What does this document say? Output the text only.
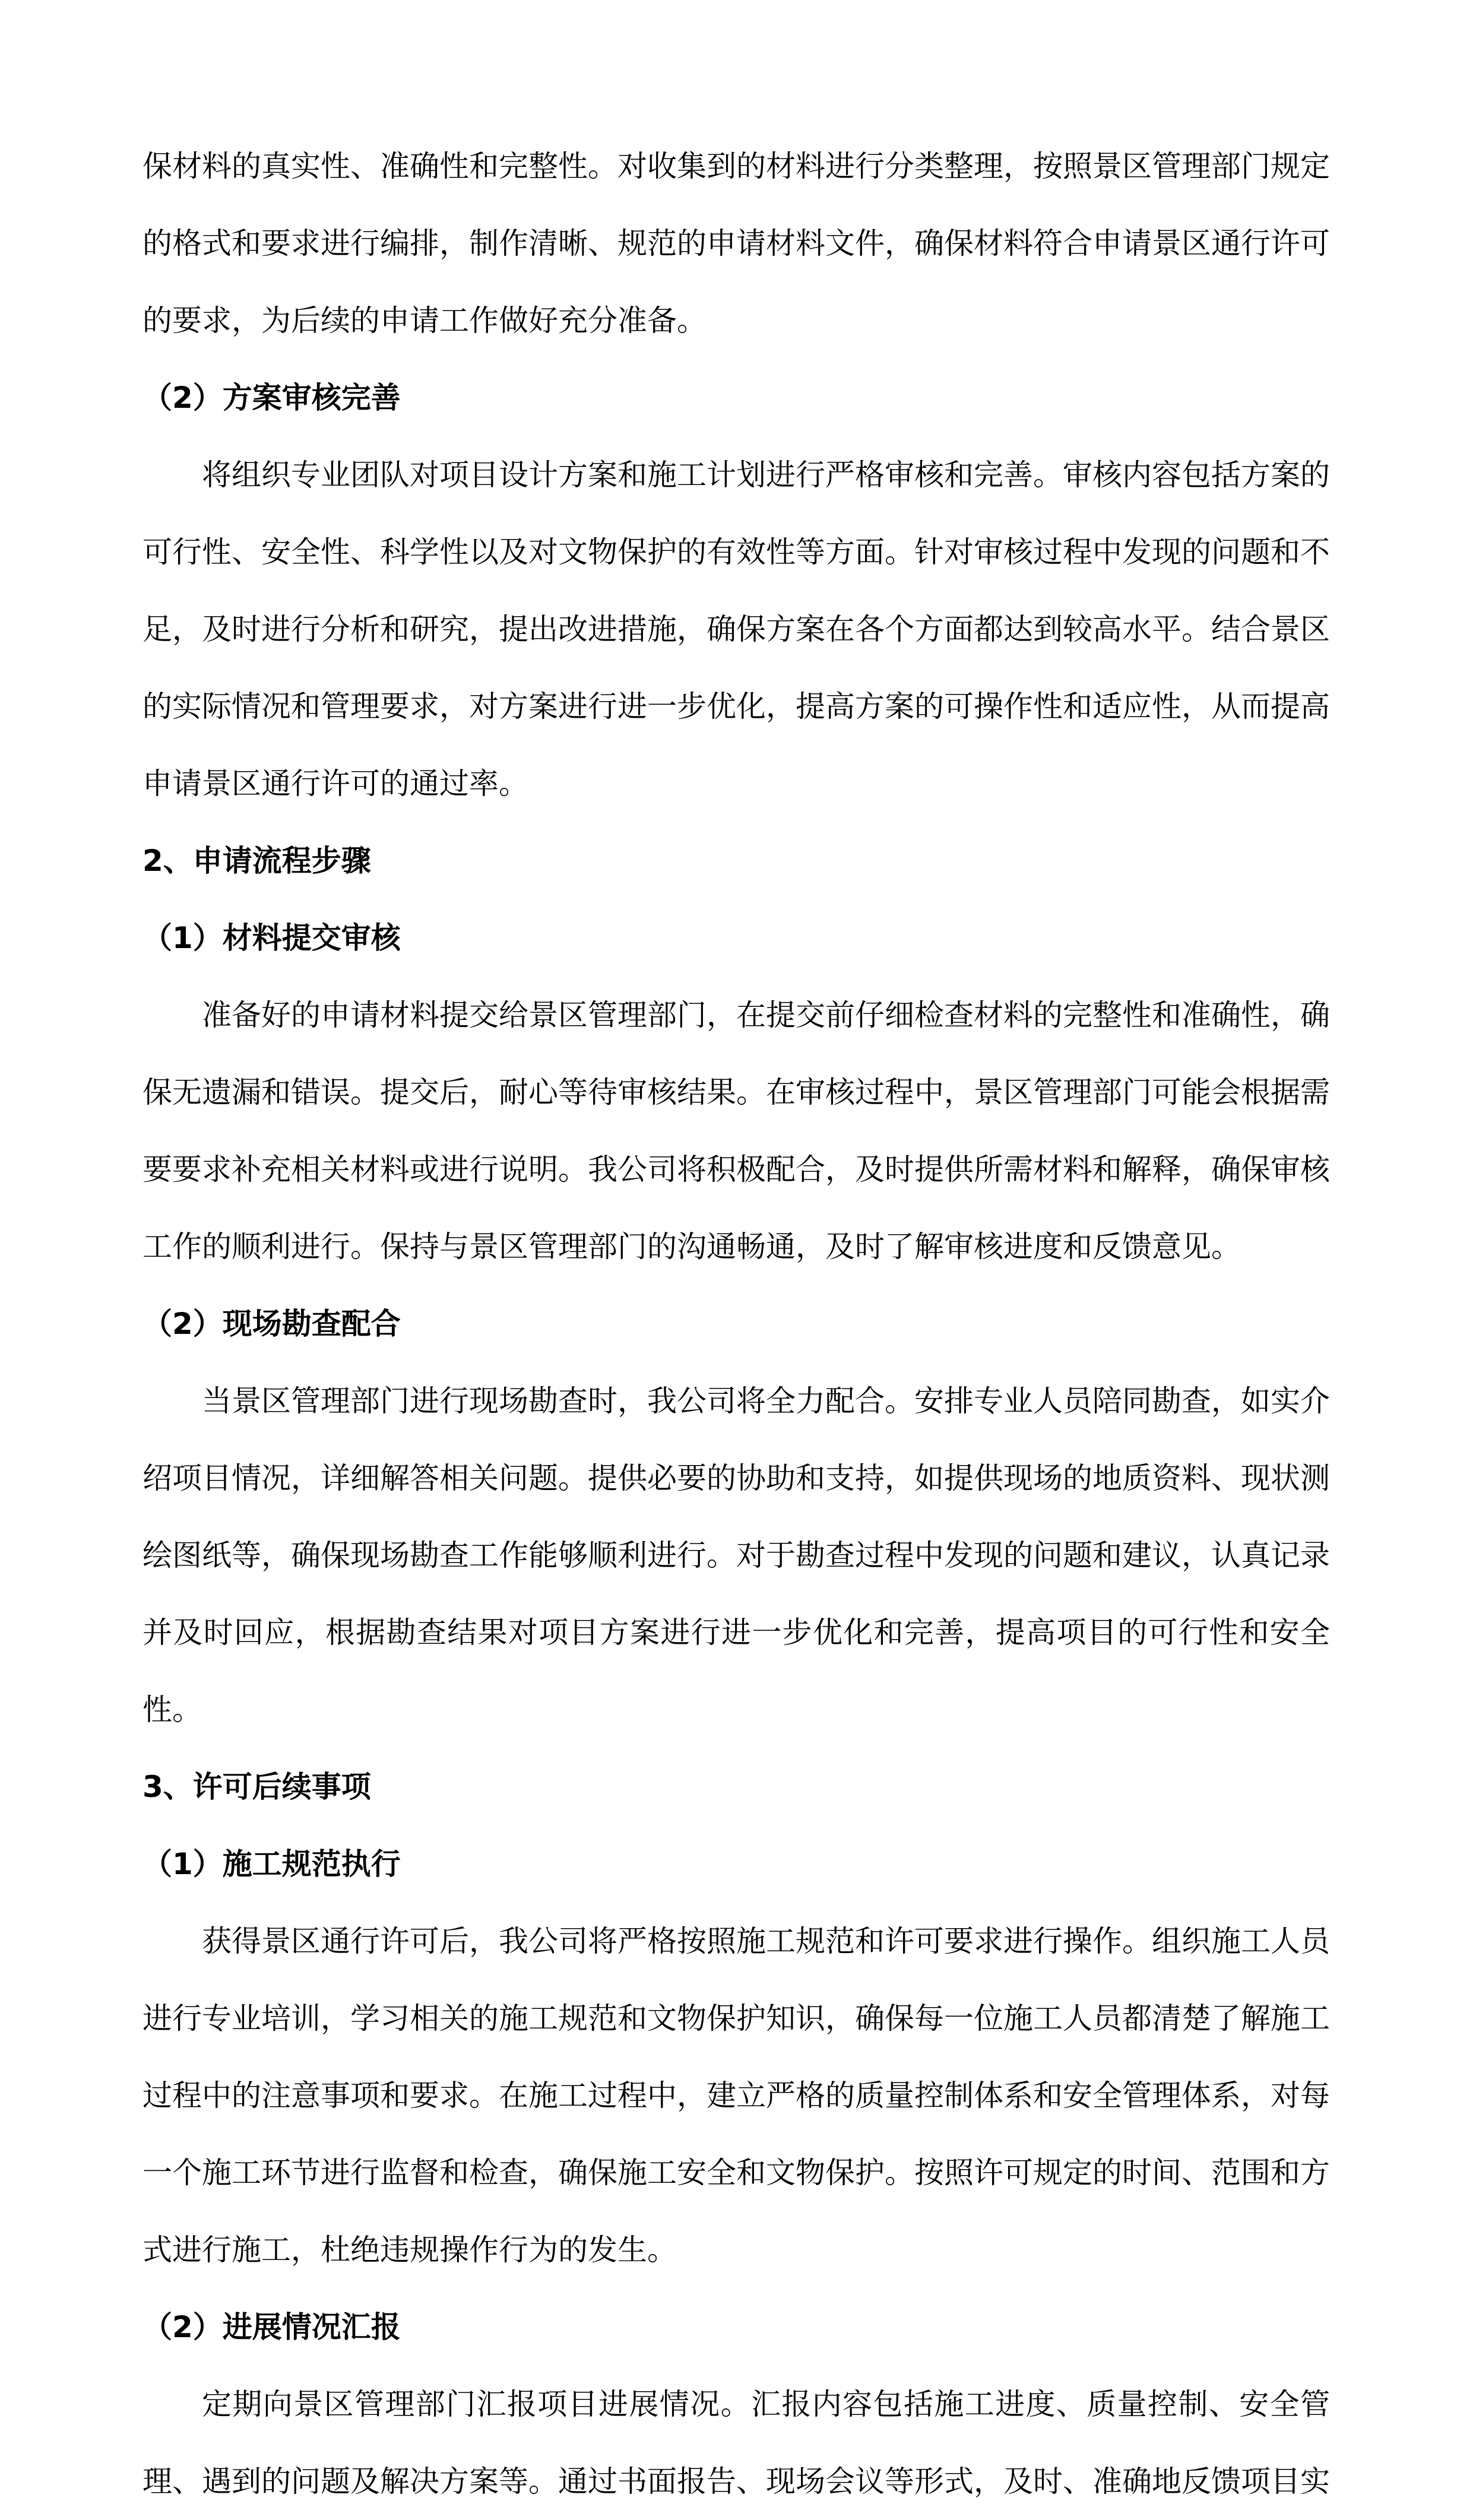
保材料的真实性、准确性和完整性。对收集到的材料进行分类整理，按照景区管理部门规定

的格式和要求进行编排，制作清晰、规范的申请材料文件，确保材料符合申请景区通行许可

的要求，为后续的申请工作做好充分准备。

（2）方案审核完善

将组织专业团队对项目设计方案和施工计划进行严格审核和完善。审核内容包括方案的

可行性、安全性、科学性以及对文物保护的有效性等方面。针对审核过程中发现的问题和不

足，及时进行分析和研究，提出改进措施，确保方案在各个方面都达到较高水平。结合景区

的实际情况和管理要求，对方案进行进一步优化，提高方案的可操作性和适应性，从而提高

申请景区通行许可的通过率。

2、申请流程步骤

（1）材料提交审核

准备好的申请材料提交给景区管理部门，在提交前仔细检查材料的完整性和准确性，确

保无遗漏和错误。提交后，耐心等待审核结果。在审核过程中，景区管理部门可能会根据需

要要求补充相关材料或进行说明。我公司将积极配合，及时提供所需材料和解释，确保审核

工作的顺利进行。保持与景区管理部门的沟通畅通，及时了解审核进度和反馈意见。

（2）现场勘查配合

当景区管理部门进行现场勘查时，我公司将全力配合。安排专业人员陪同勘查，如实介

绍项目情况，详细解答相关问题。提供必要的协助和支持，如提供现场的地质资料、现状测

绘图纸等，确保现场勘查工作能够顺利进行。对于勘查过程中发现的问题和建议，认真记录

并及时回应，根据勘查结果对项目方案进行进一步优化和完善，提高项目的可行性和安全

性。

3、许可后续事项

（1）施工规范执行

获得景区通行许可后，我公司将严格按照施工规范和许可要求进行操作。组织施工人员

进行专业培训，学习相关的施工规范和文物保护知识，确保每一位施工人员都清楚了解施工

过程中的注意事项和要求。在施工过程中，建立严格的质量控制体系和安全管理体系，对每

一个施工环节进行监督和检查，确保施工安全和文物保护。按照许可规定的时间、范围和方

式进行施工，杜绝违规操作行为的发生。

（2）进展情况汇报

定期向景区管理部门汇报项目进展情况。汇报内容包括施工进度、质量控制、安全管

理、遇到的问题及解决方案等。通过书面报告、现场会议等形式，及时、准确地反馈项目实
